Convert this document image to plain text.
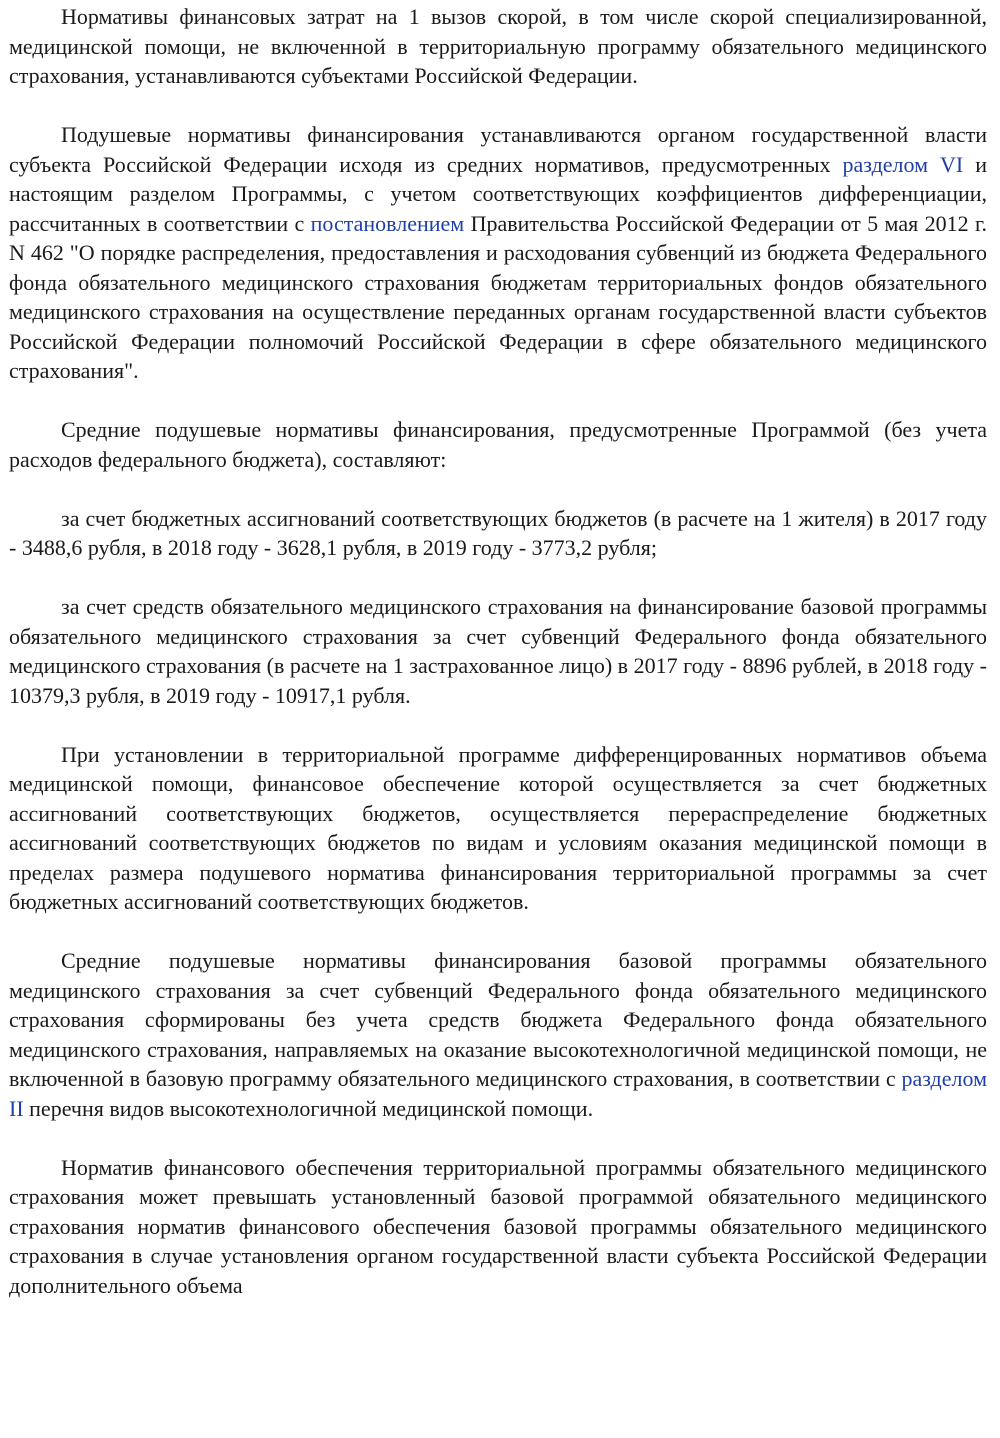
Нормативы финансовых затрат на 1 вызов скорой, в том числе скорой специализированной, медицинской помощи, не включенной в территориальную программу обязательного медицинского страхования, устанавливаются субъектами Российской Федерации.

Подушевые нормативы финансирования устанавливаются органом государственной власти субъекта Российской Федерации исходя из средних нормативов, предусмотренных разделом VI и настоящим разделом Программы, с учетом соответствующих коэффициентов дифференциации, рассчитанных в соответствии с постановлением Правительства Российской Федерации от 5 мая 2012 г. N 462 "О порядке распределения, предоставления и расходования субвенций из бюджета Федерального фонда обязательного медицинского страхования бюджетам территориальных фондов обязательного медицинского страхования на осуществление переданных органам государственной власти субъектов Российской Федерации полномочий Российской Федерации в сфере обязательного медицинского страхования".

Средние подушевые нормативы финансирования, предусмотренные Программой (без учета расходов федерального бюджета), составляют:

за счет бюджетных ассигнований соответствующих бюджетов (в расчете на 1 жителя) в 2017 году - 3488,6 рубля, в 2018 году - 3628,1 рубля, в 2019 году - 3773,2 рубля;

за счет средств обязательного медицинского страхования на финансирование базовой программы обязательного медицинского страхования за счет субвенций Федерального фонда обязательного медицинского страхования (в расчете на 1 застрахованное лицо) в 2017 году - 8896 рублей, в 2018 году - 10379,3 рубля, в 2019 году - 10917,1 рубля.

При установлении в территориальной программе дифференцированных нормативов объема медицинской помощи, финансовое обеспечение которой осуществляется за счет бюджетных ассигнований соответствующих бюджетов, осуществляется перераспределение бюджетных ассигнований соответствующих бюджетов по видам и условиям оказания медицинской помощи в пределах размера подушевого норматива финансирования территориальной программы за счет бюджетных ассигнований соответствующих бюджетов.

Средние подушевые нормативы финансирования базовой программы обязательного медицинского страхования за счет субвенций Федерального фонда обязательного медицинского страхования сформированы без учета средств бюджета Федерального фонда обязательного медицинского страхования, направляемых на оказание высокотехнологичной медицинской помощи, не включенной в базовую программу обязательного медицинского страхования, в соответствии с разделом II перечня видов высокотехнологичной медицинской помощи.

Норматив финансового обеспечения территориальной программы обязательного медицинского страхования может превышать установленный базовой программой обязательного медицинского страхования норматив финансового обеспечения базовой программы обязательного медицинского страхования в случае установления органом государственной власти субъекта Российской Федерации дополнительного объема
